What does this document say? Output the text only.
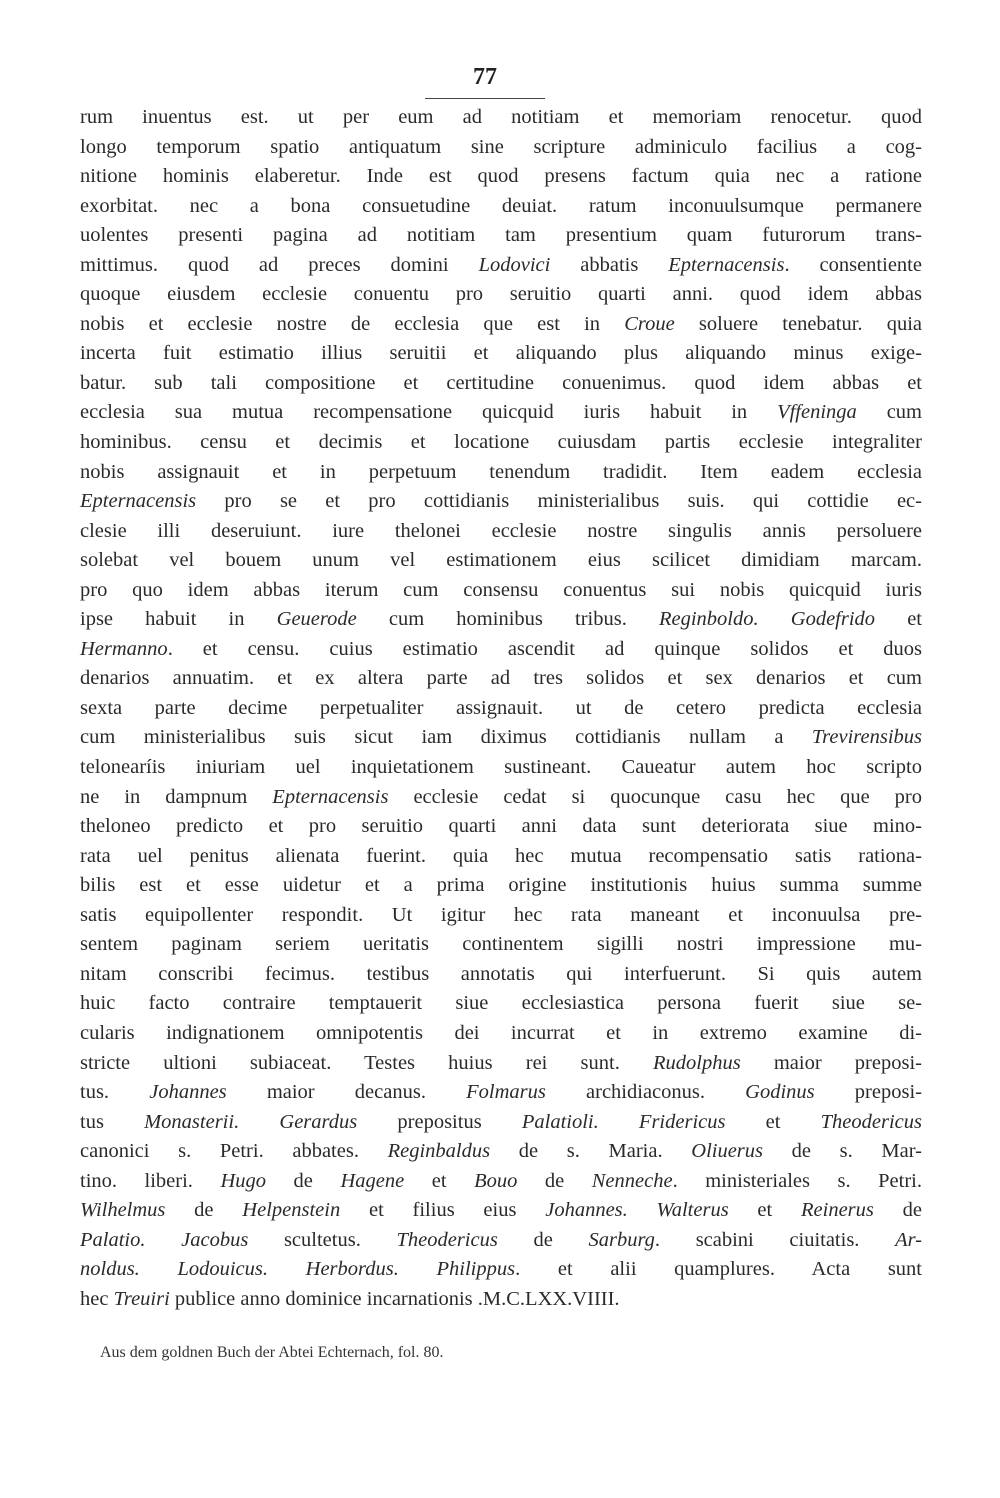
77
rum inuentus est. ut per eum ad notitiam et memoriam renocetur. quod
longo temporum spatio antiquatum sine scripture adminiculo facilius a cog-
nitione hominis elaberetur. Inde est quod presens factum quia nec a ratione
exorbitat. nec a bona consuetudine deuiat. ratum inconuulsumque permanere
uolentes presenti pagina ad notitiam tam presentium quam futurorum trans-
mittimus. quod ad preces domini Lodovici abbatis Epternacensis. consentiente
quoque eiusdem ecclesie conuentu pro seruitio quarti anni. quod idem abbas
nobis et ecclesie nostre de ecclesia que est in Croue soluere tenebatur. quia
incerta fuit estimatio illius seruitii et aliquando plus aliquando minus exige-
batur. sub tali compositione et certitudine conuenimus. quod idem abbas et
ecclesia sua mutua recompensatione quicquid iuris habuit in Vffeninga cum
hominibus. censu et decimis et locatione cuiusdam partis ecclesie integraliter
nobis assignauit et in perpetuum tenendum tradidit. Item eadem ecclesia
Epternacensis pro se et pro cottidianis ministerialibus suis. qui cottidie ec-
clesie illi deseruiunt. iure thelonei ecclesie nostre singulis annis persoluere
solebat vel bouem unum vel estimationem eius scilicet dimidiam marcam.
pro quo idem abbas iterum cum consensu conuentus sui nobis quicquid iuris
ipse habuit in Geuerode cum hominibus tribus. Reginboldo. Godefrido et
Hermanno. et censu. cuius estimatio ascendit ad quinque solidos et duos
denarios annuatim. et ex altera parte ad tres solidos et sex denarios et cum
sexta parte decime perpetualiter assignauit. ut de cetero predicta ecclesia
cum ministerialibus suis sicut iam diximus cottidianis nullam a Trevirensibus
telonearíis iniuriam uel inquietationem sustineant. Caueatur autem hoc scripto
ne in dampnum Epternacensis ecclesie cedat si quocunque casu hec que pro
theloneo predicto et pro seruitio quarti anni data sunt deteriorata siue mino-
rata uel penitus alienata fuerint. quia hec mutua recompensatio satis rationa-
bilis est et esse uidetur et a prima origine institutionis huius summa summe
satis equipollenter respondit. Ut igitur hec rata maneant et inconuulsa pre-
sentem paginam seriem ueritatis continentem sigilli nostri impressione mu-
nitam conscribi fecimus. testibus annotatis qui interfuerunt. Si quis autem
huic facto contraire temptauerit siue ecclesiastica persona fuerit siue se-
cularis indignationem omnipotentis dei incurrat et in extremo examine di-
stricte ultioni subiaceat. Testes huius rei sunt. Rudolphus maior preposi-
tus. Johannes maior decanus. Folmarus archidiaconus. Godinus preposi-
tus Monasterii. Gerardus prepositus Palatioli. Fridericus et Theodericus
canonici s. Petri. abbates. Reginbaldus de s. Maria. Oliuerus de s. Mar-
tino. liberi. Hugo de Hagene et Bouo de Nenneche. ministeriales s. Petri.
Wilhelmus de Helpenstein et filius eius Johannes. Walterus et Reinerus de
Palatio. Jacobus scultetus. Theodericus de Sarburg. scabini ciuitatis. Ar-
noldus. Lodouicus. Herbordus. Philippus. et alii quamplures. Acta sunt
hec Treuiri publice anno dominice incarnationis .M.C.LXX.VIIII.
Aus dem goldnen Buch der Abtei Echternach, fol. 80.
